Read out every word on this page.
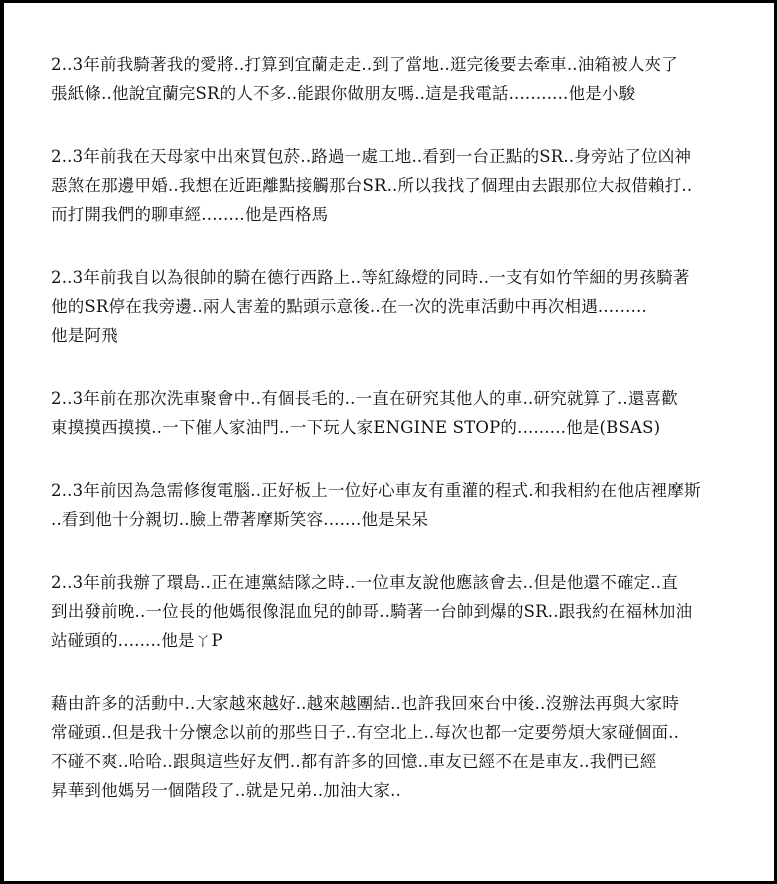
2..3年前我騎著我的愛將..打算到宜蘭走走..到了當地..逛完後要去牽車..油箱被人夾了
張紙條..他說宜蘭完SR的人不多..能跟你做朋友嗎..這是我電話...........他是小駿
2..3年前我在天母家中出來買包菸..路過一處工地..看到一台正點的SR..身旁站了位凶神
惡煞在那邊甲婚..我想在近距離點接觸那台SR..所以我找了個理由去跟那位大叔借賴打..
而打開我們的聊車經........他是西格馬
2..3年前我自以為很帥的騎在德行西路上..等紅綠燈的同時..一支有如竹竿細的男孩騎著
他的SR停在我旁邊..兩人害羞的點頭示意後..在一次的洗車活動中再次相遇.........
他是阿飛
2..3年前在那次洗車聚會中..有個長毛的..一直在研究其他人的車..研究就算了..還喜歡
東摸摸西摸摸..一下催人家油門..一下玩人家ENGINE STOP的.........他是(BSAS)
2..3年前因為急需修復電腦..正好板上一位好心車友有重灌的程式.和我相約在他店裡摩斯
..看到他十分親切..臉上帶著摩斯笑容.......他是呆呆
2..3年前我辦了環島..正在連黨結隊之時..一位車友說他應該會去..但是他還不確定..直
到出發前晚..一位長的他媽很像混血兒的帥哥..騎著一台帥到爆的SR..跟我約在福林加油
站碰頭的........他是ㄚP
藉由許多的活動中..大家越來越好..越來越團結..也許我回來台中後..沒辦法再與大家時
常碰頭..但是我十分懷念以前的那些日子..有空北上..每次也都一定要勞煩大家碰個面..
不碰不爽..哈哈..跟與這些好友們..都有許多的回憶..車友已經不在是車友..我們已經
昇華到他媽另一個階段了..就是兄弟..加油大家..
